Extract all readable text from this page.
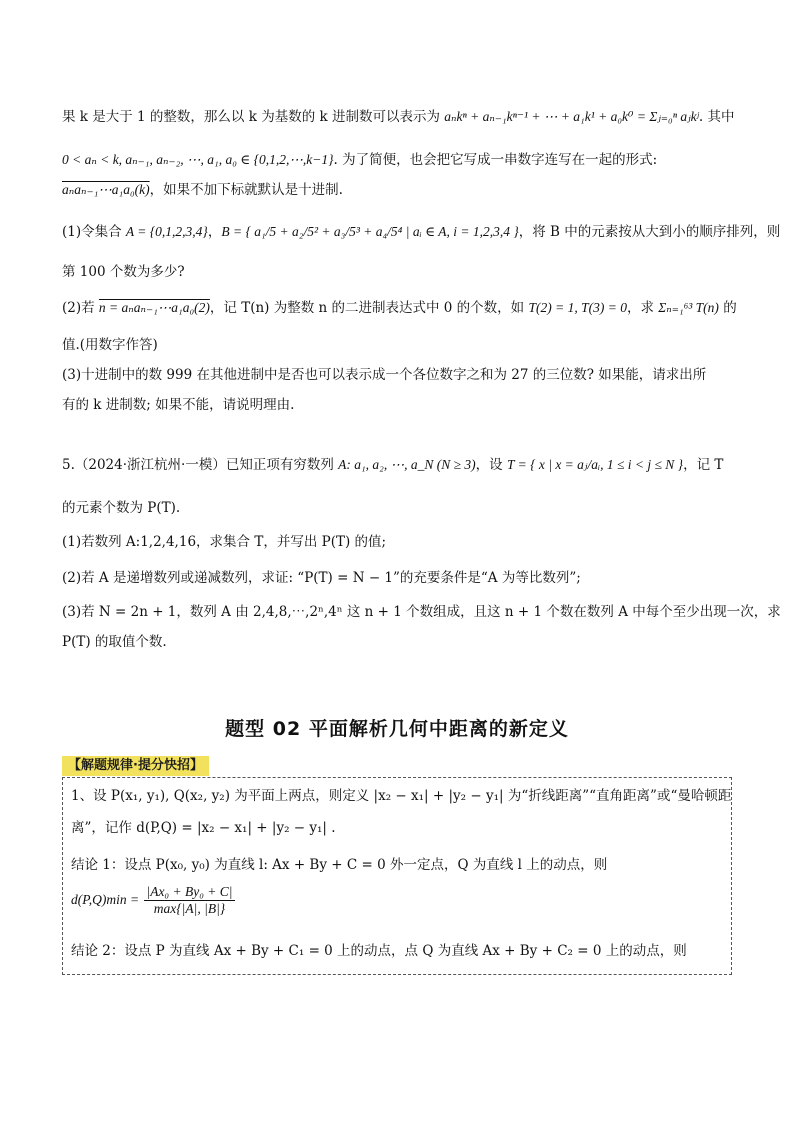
果 k 是大于 1 的整数，那么以 k 为基数的 k 进制数可以表示为 aₙkⁿ + aₙ₋₁kⁿ⁻¹ + ⋯ + a₁k¹ + a₀k⁰ = Σⱼ₌₀ⁿ aⱼkʲ. 其中
0 < aₙ < k, aₙ₋₁, aₙ₋₂, ⋯, a₁, a₀ ∈ {0,1,2,⋯,k−1}. 为了简便，也会把它写成一串数字连写在一起的形式:
aₙaₙ₋₁⋯a₁a₀(k)，如果不加下标就默认是十进制.
(1)令集合 A = {0,1,2,3,4}，B = { a₁/5 + a₂/5² + a₃/5³ + a₄/5⁴ | aᵢ ∈ A, i = 1,2,3,4 }，将 B 中的元素按从大到小的顺序排列，则
第 100 个数为多少?
(2)若 n = aₙaₙ₋₁⋯a₁a₀(2)，记 T(n) 为整数 n 的二进制表达式中 0 的个数，如 T(2) = 1, T(3) = 0，求 Σₙ₌₁⁶³ T(n) 的
值.(用数字作答)
(3)十进制中的数 999 在其他进制中是否也可以表示成一个各位数字之和为 27 的三位数? 如果能，请求出所
有的 k 进制数; 如果不能，请说明理由.
5.（2024·浙江杭州·一模）已知正项有穷数列 A: a₁, a₂, ⋯, a_N (N ≥ 3)，设 T = { x | x = aⱼ/aᵢ, 1 ≤ i < j ≤ N }，记 T
的元素个数为 P(T).
(1)若数列 A:1,2,4,16，求集合 T，并写出 P(T) 的值;
(2)若 A 是递增数列或递减数列，求证: “P(T) = N − 1”的充要条件是“A 为等比数列”;
(3)若 N = 2n + 1，数列 A 由 2,4,8,⋯,2ⁿ,4ⁿ 这 n + 1 个数组成，且这 n + 1 个数在数列 A 中每个至少出现一次，求
P(T) 的取值个数.
题型 02 平面解析几何中距离的新定义
【解题规律·提分快招】
1、设 P(x₁, y₁), Q(x₂, y₂) 为平面上两点，则定义 |x₂ − x₁| + |y₂ − y₁| 为“折线距离”“直角距离”或“曼哈顿距
离”，记作 d(P,Q) = |x₂ − x₁| + |y₂ − y₁| .
结论 1：设点 P(x₀, y₀) 为直线 l: Ax + By + C = 0 外一定点，Q 为直线 l 上的动点，则
$d(P,Q)\min = \frac{\text{|Ax₀ + By₀ + C|}}{\max\{|A|, |B|\}}$
结论 2：设点 P 为直线 Ax + By + C₁ = 0 上的动点，点 Q 为直线 Ax + By + C₂ = 0 上的动点，则
